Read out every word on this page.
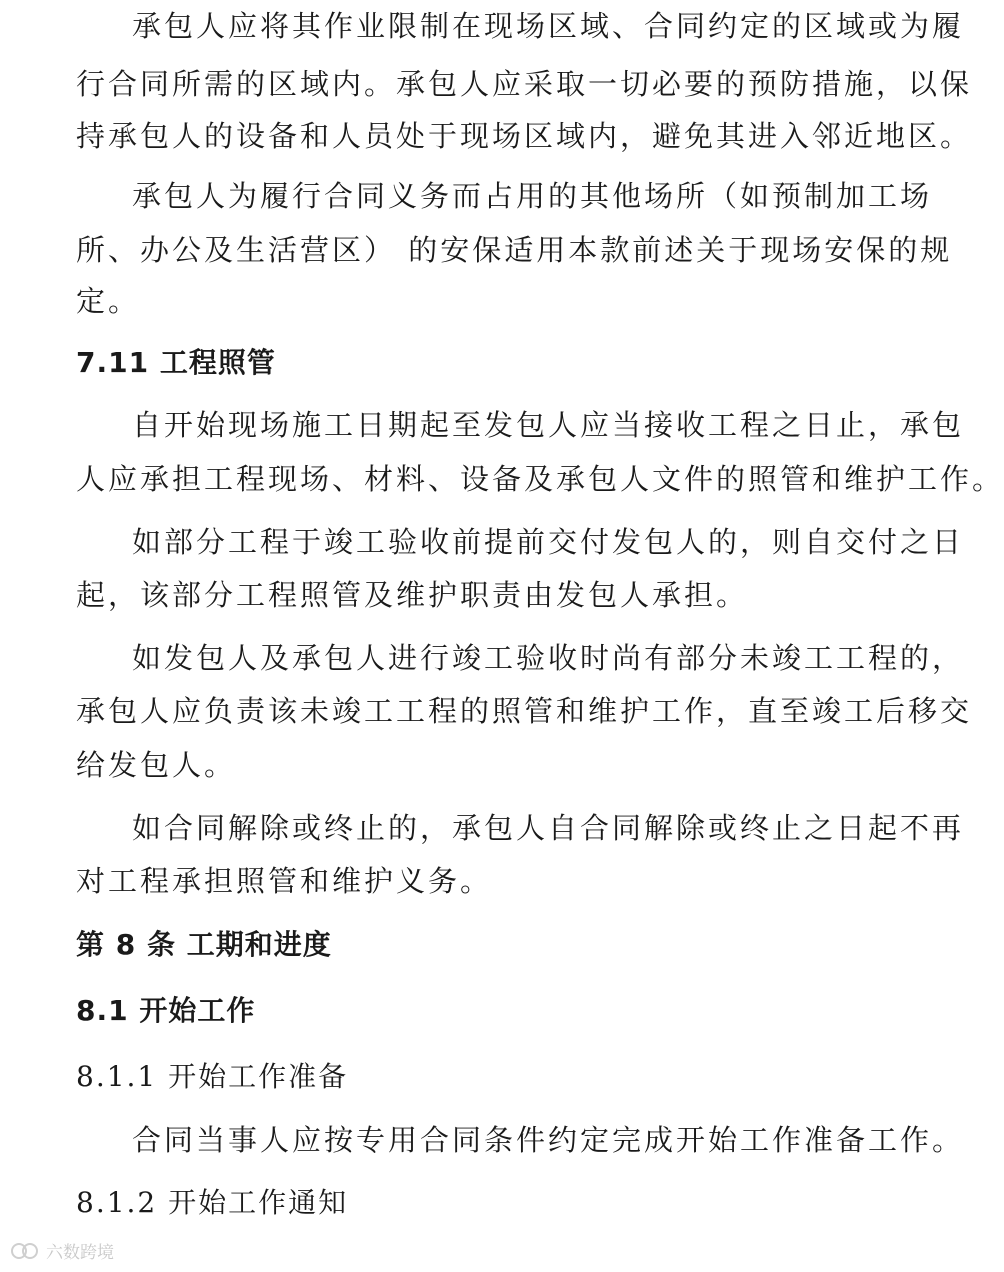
承包人应将其作业限制在现场区域、合同约定的区域或为履
行合同所需的区域内。承包人应采取一切必要的预防措施，以保
持承包人的设备和人员处于现场区域内，避免其进入邻近地区。
承包人为履行合同义务而占用的其他场所（如预制加工场
所、办公及生活营区） 的安保适用本款前述关于现场安保的规
定。
7.11 工程照管
自开始现场施工日期起至发包人应当接收工程之日止，承包
人应承担工程现场、材料、设备及承包人文件的照管和维护工作。
如部分工程于竣工验收前提前交付发包人的，则自交付之日
起，该部分工程照管及维护职责由发包人承担。
如发包人及承包人进行竣工验收时尚有部分未竣工工程的，
承包人应负责该未竣工工程的照管和维护工作，直至竣工后移交
给发包人。
如合同解除或终止的，承包人自合同解除或终止之日起不再
对工程承担照管和维护义务。
第 8 条 工期和进度
8.1 开始工作
8.1.1 开始工作准备
合同当事人应按专用合同条件约定完成开始工作准备工作。
8.1.2 开始工作通知
六数跨境
